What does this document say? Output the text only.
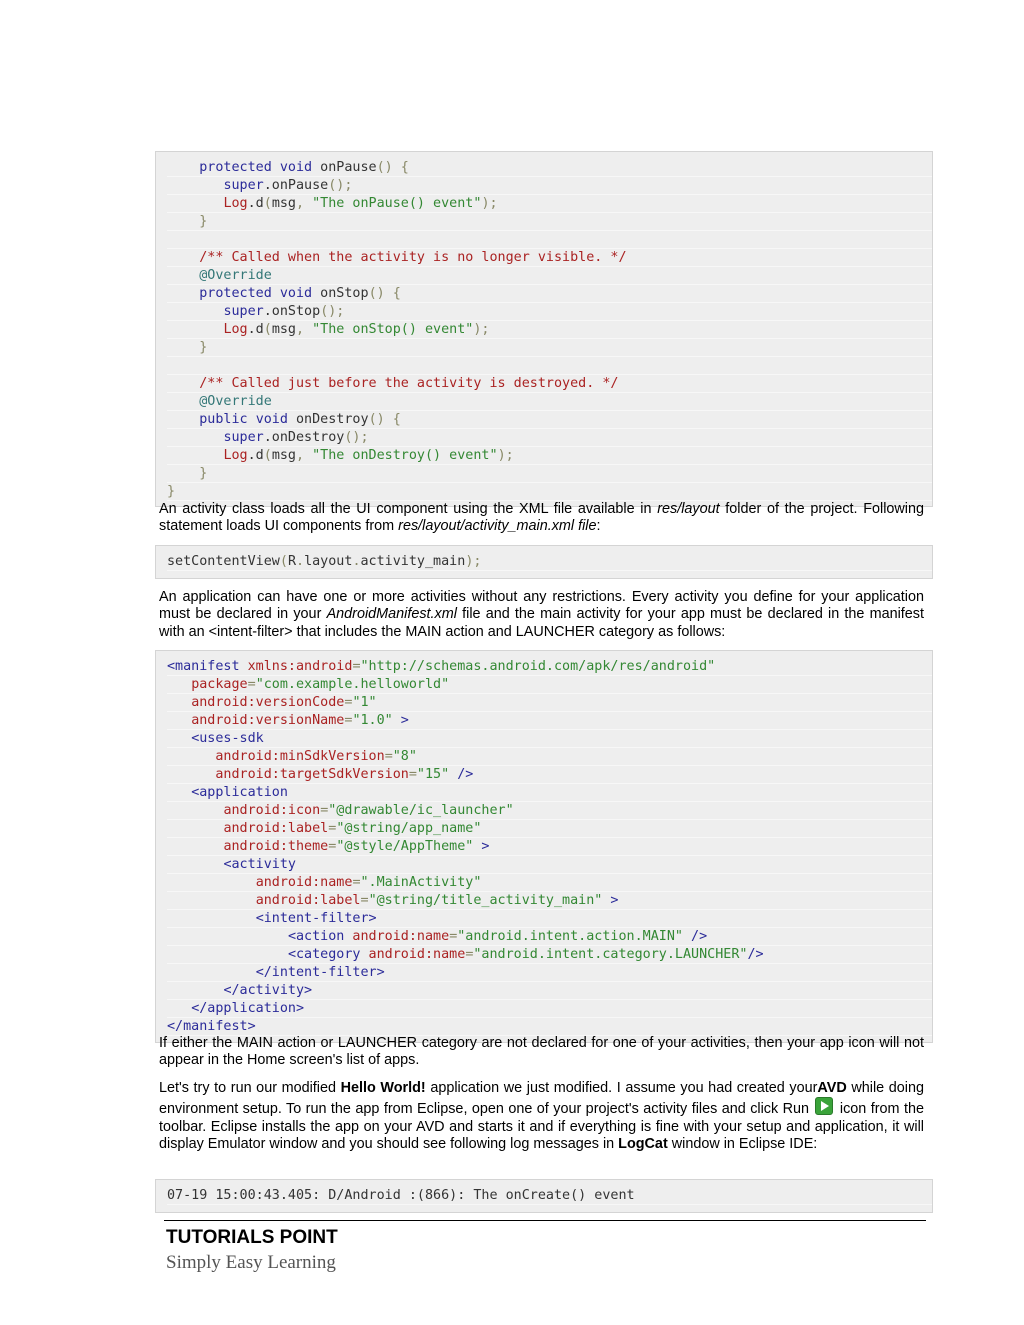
protected void onPause() {
super.onPause();
Log.d(msg, "The onPause() event");
}
/** Called when the activity is no longer visible. */
@Override
protected void onStop() {
super.onStop();
Log.d(msg, "The onStop() event");
}
/** Called just before the activity is destroyed. */
@Override
public void onDestroy() {
super.onDestroy();
Log.d(msg, "The onDestroy() event");
}
}

An activity class loads all the UI component using the XML file available in res/layout folder of the project. Following statement loads UI components from res/layout/activity_main.xml file:

setContentView(R.layout.activity_main);

An application can have one or more activities without any restrictions. Every activity you define for your application must be declared in your AndroidManifest.xml file and the main activity for your app must be declared in the manifest with an <intent-filter> that includes the MAIN action and LAUNCHER category as follows:

<manifest xmlns:android="http://schemas.android.com/apk/res/android"
package="com.example.helloworld"
android:versionCode="1"
android:versionName="1.0" >
<uses-sdk
android:minSdkVersion="8"
android:targetSdkVersion="15" />
<application
android:icon="@drawable/ic_launcher"
android:label="@string/app_name"
android:theme="@style/AppTheme" >
<activity
android:name=".MainActivity"
android:label="@string/title_activity_main" >
<intent-filter>
<action android:name="android.intent.action.MAIN" />
<category android:name="android.intent.category.LAUNCHER"/>
</intent-filter>
</activity>
</application>
</manifest>

If either the MAIN action or LAUNCHER category are not declared for one of your activities, then your app icon will not appear in the Home screen's list of apps.

Let's try to run our modified Hello World! application we just modified. I assume you had created yourAVD while doing environment setup. To run the app from Eclipse, open one of your project's activity files and click Run  icon from the toolbar. Eclipse installs the app on your AVD and starts it and if everything is fine with your setup and application, it will display Emulator window and you should see following log messages in LogCat window in Eclipse IDE:

07-19 15:00:43.405: D/Android :(866): The onCreate() event
TUTORIALS POINT
Simply Easy Learning
